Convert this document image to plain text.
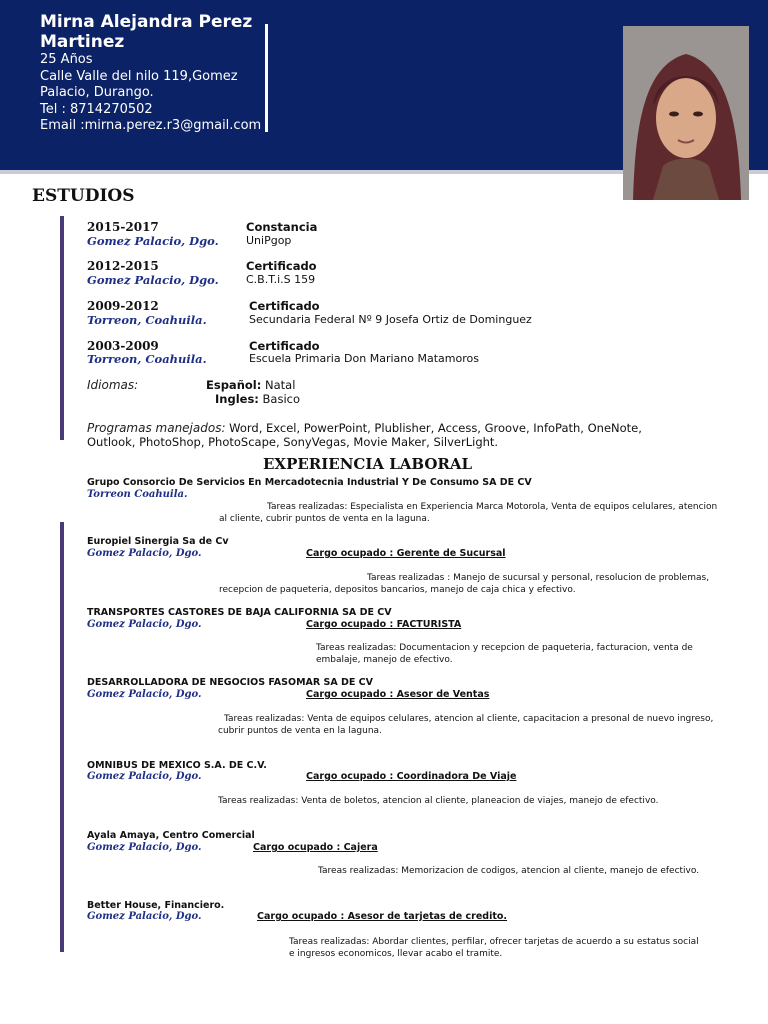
Mirna Alejandra Perez Martinez
25 Años
Calle Valle del nilo 119,Gomez Palacio, Durango.
Tel : 8714270502
Email :mirna.perez.r3@gmail.com
ESTUDIOS
2015-2017
Gomez Palacio, Dgo.
Constancia
UniPgop
2012-2015
Gomez Palacio, Dgo.
Certificado
C.B.T.i.S 159
2009-2012
Torreon, Coahuila.
Certificado
Secundaria Federal Nº 9 Josefa Ortiz de Dominguez
2003-2009
Torreon, Coahuila.
Certificado
Escuela Primaria Don Mariano Matamoros
Idiomas:	Español: Natal
Ingles: Basico
Programas manejados: Word, Excel, PowerPoint, Plublisher, Access, Groove, InfoPath, OneNote,
Outlook, PhotoShop, PhotoScape, SonyVegas, Movie Maker, SilverLight.
EXPERIENCIA LABORAL
Grupo Consorcio De Servicios En Mercadotecnia Industrial Y De Consumo SA DE CV
Torreon Coahuila.
Tareas realizadas: Especialista en Experiencia Marca Motorola, Venta de equipos celulares, atencion
al cliente, cubrir puntos de venta en la laguna.
Europiel Sinergia Sa de Cv
Gomez Palacio, Dgo.	Cargo ocupado : Gerente de Sucursal
Tareas realizadas : Manejo de sucursal y personal, resolucion de problemas,
recepcion de paqueteria, depositos bancarios, manejo de caja chica y efectivo.
TRANSPORTES CASTORES DE BAJA CALIFORNIA SA DE CV
Gomez Palacio, Dgo.	Cargo ocupado : FACTURISTA
Tareas realizadas: Documentacion y recepcion de paqueteria, facturacion, venta de
embalaje, manejo de efectivo.
DESARROLLADORA DE NEGOCIOS FASOMAR SA DE CV
Gomez Palacio, Dgo.	Cargo ocupado : Asesor de Ventas
Tareas realizadas: Venta de equipos celulares, atencion al cliente, capacitacion a presonal de nuevo ingreso,
cubrir puntos de venta en la laguna.
OMNIBUS DE MEXICO S.A. DE C.V.
Gomez Palacio, Dgo.	Cargo ocupado : Coordinadora De Viaje
Tareas realizadas: Venta de boletos, atencion al cliente, planeacion de viajes, manejo de efectivo.
Ayala Amaya, Centro Comercial
Gomez Palacio, Dgo.	Cargo ocupado : Cajera
Tareas realizadas: Memorizacion de codigos, atencion al cliente, manejo de efectivo.
Better House, Financiero.
Gomez Palacio, Dgo.	Cargo ocupado : Asesor de tarjetas de credito.
Tareas realizadas: Abordar clientes, perfilar, ofrecer tarjetas de acuerdo a su estatus social
e ingresos economicos, llevar acabo el tramite.
